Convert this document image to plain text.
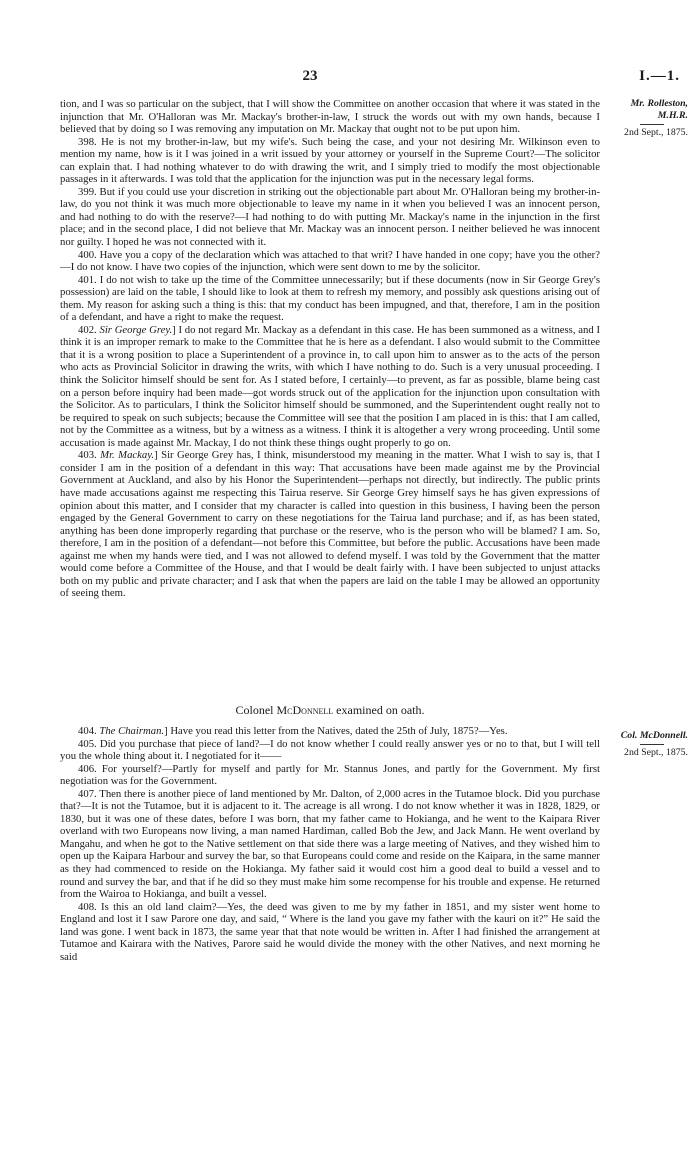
23	I.—1.
Mr. Rolleston,
M.H.R.
2nd Sept., 1875.

tion, and I was so particular on the subject, that I will show the Committee on another occasion that where it was stated in the injunction that Mr. O'Halloran was Mr. Mackay's brother-in-law, I struck the words out with my own hands, because I believed that by doing so I was removing any imputation on Mr. Mackay that ought not to be put upon him.

398. He is not my brother-in-law, but my wife's. Such being the case, and your not desiring Mr. Wilkinson even to mention my name, how is it I was joined in a writ issued by your attorney or yourself in the Supreme Court?—The solicitor can explain that. I had nothing whatever to do with drawing the writ, and I simply tried to modify the most objectionable passages in it afterwards. I was told that the application for the injunction was put in the necessary legal forms.

399. But if you could use your discretion in striking out the objectionable part about Mr. O'Halloran being my brother-in-law, do you not think it was much more objectionable to leave my name in it when you believed I was an innocent person, and had nothing to do with the reserve?—I had nothing to do with putting Mr. Mackay's name in the injunction in the first place; and in the second place, I did not believe that Mr. Mackay was an innocent person. I neither believed he was innocent nor guilty. I hoped he was not connected with it.

400. Have you a copy of the declaration which was attached to that writ? I have handed in one copy; have you the other?—I do not know. I have two copies of the injunction, which were sent down to me by the solicitor.

401. I do not wish to take up the time of the Committee unnecessarily; but if these documents (now in Sir George Grey's possession) are laid on the table, I should like to look at them to refresh my memory, and possibly ask questions arising out of them. My reason for asking such a thing is this: that my conduct has been impugned, and that, therefore, I am in the position of a defendant, and have a right to make the request.

402. Sir George Grey.] I do not regard Mr. Mackay as a defendant in this case. He has been summoned as a witness, and I think it is an improper remark to make to the Committee that he is here as a defendant. I also would submit to the Committee that it is a wrong position to place a Superintendent of a province in, to call upon him to answer as to the acts of the person who acts as Provincial Solicitor in drawing the writs, with which I have nothing to do. Such is a very unusual proceeding. I think the Solicitor himself should be sent for. As I stated before, I certainly—to prevent, as far as possible, blame being cast on a person before inquiry had been made—got words struck out of the application for the injunction upon consultation with the Solicitor. As to particulars, I think the Solicitor himself should be summoned, and the Superintendent ought really not to be required to speak on such subjects; because the Committee will see that the position I am placed in is this: that I am called, not by the Committee as a witness, but by a witness as a witness. I think it is altogether a very wrong proceeding. Until some accusation is made against Mr. Mackay, I do not think these things ought properly to go on.

403. Mr. Mackay.] Sir George Grey has, I think, misunderstood my meaning in the matter. What I wish to say is, that I consider I am in the position of a defendant in this way: That accusations have been made against me by the Provincial Government at Auckland, and also by his Honor the Superintendent—perhaps not directly, but indirectly. The public prints have made accusations against me respecting this Tairua reserve. Sir George Grey himself says he has given expressions of opinion about this matter, and I consider that my character is called into question in this business, I having been the person engaged by the General Government to carry on these negotiations for the Tairua land purchase; and if, as has been stated, anything has been done improperly regarding that purchase or the reserve, who is the person who will be blamed? I am. So, therefore, I am in the position of a defendant—not before this Committee, but before the public. Accusations have been made against me when my hands were tied, and I was not allowed to defend myself. I was told by the Government that the matter would come before a Committee of the House, and that I would be dealt fairly with. I have been subjected to unjust attacks both on my public and private character; and I ask that when the papers are laid on the table I may be allowed an opportunity of seeing them.

Colonel McDonnell examined on oath.
Col. McDonnell.
2nd Sept., 1875.

404. The Chairman.] Have you read this letter from the Natives, dated the 25th of July, 1875?—Yes.

405. Did you purchase that piece of land?—I do not know whether I could really answer yes or no to that, but I will tell you the whole thing about it. I negotiated for it——

406. For yourself?—Partly for myself and partly for Mr. Stannus Jones, and partly for the Government. My first negotiation was for the Government.

407. Then there is another piece of land mentioned by Mr. Dalton, of 2,000 acres in the Tutamoe block. Did you purchase that?—It is not the Tutamoe, but it is adjacent to it. The acreage is all wrong. I do not know whether it was in 1828, 1829, or 1830, but it was one of these dates, before I was born, that my father came to Hokianga, and he went to the Kaipara River overland with two Europeans now living, a man named Hardiman, called Bob the Jew, and Jack Mann. He went overland by Mangahu, and when he got to the Native settlement on that side there was a large meeting of Natives, and they wished him to open up the Kaipara Harbour and survey the bar, so that Europeans could come and reside on the Kaipara, in the same manner as they had commenced to reside on the Hokianga. My father said it would cost him a good deal to build a vessel and to round and survey the bar, and that if he did so they must make him some recompense for his trouble and expense. He returned from the Wairoa to Hokianga, and built a vessel.

408. Is this an old land claim?—Yes, the deed was given to me by my father in 1851, and my sister went home to England and lost it I saw Parore one day, and said, “ Where is the land you gave my father with the kauri on it?” He said the land was gone. I went back in 1873, the same year that that note would be written in. After I had finished the arrangement at Tutamoe and Kairara with the Natives, Parore said he would divide the money with the other Natives, and next morning he said
